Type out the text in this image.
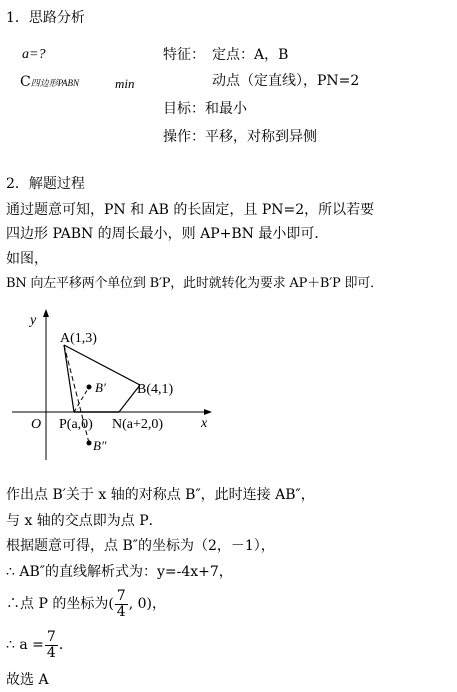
1．思路分析
a=?
C四边形PABN	min
特征： 定点：A，B
动点（定直线），PN=2
目标：和最小
操作：平移，对称到异侧
2．解题过程
通过题意可知，PN 和 AB 的长固定，且 PN=2，所以若要
四边形 PABN 的周长最小，则 AP+BN 最小即可．
如图，
BN 向左平移两个单位到 B′P，此时就转化为要求 AP＋B′P 即可．
y
x
O
A(1,3)
B(4,1)
B′
B″
P(a,0) N(a+2,0)
作出点 B′关于 x 轴的对称点 B″，此时连接 AB″，
与 x 轴的交点即为点 P．
根据题意可得，点 B″的坐标为（2，－1），
∴ AB″的直线解析式为：y=-4x+7，
∴点 P 的坐标为( $\frac{7}{4}$ , 0)，
∴ $a = \frac{7}{4}$ ．
故选 A
